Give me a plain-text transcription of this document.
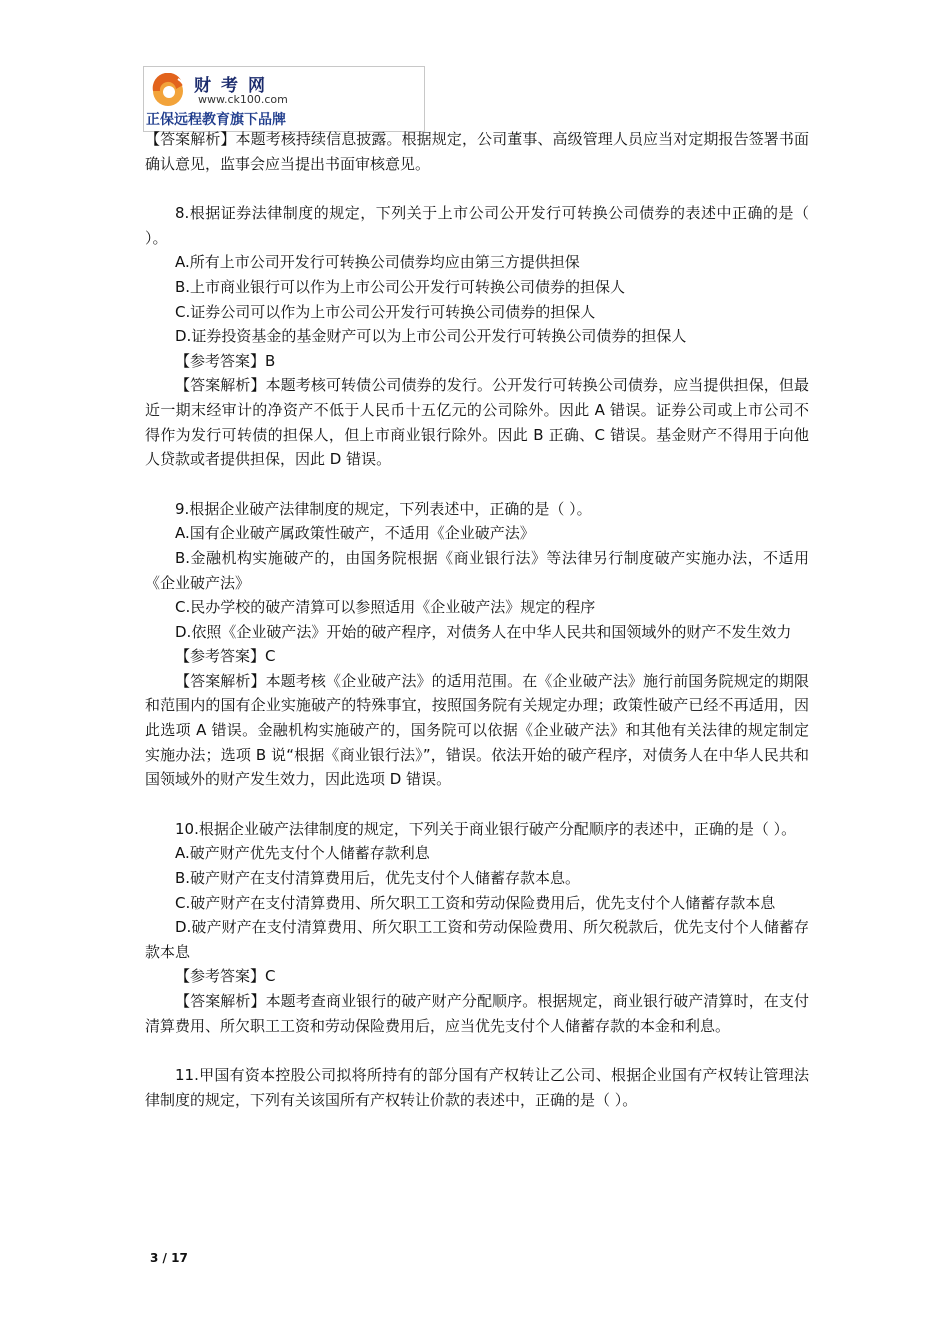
财考网
www.ck100.com
正保远程教育旗下品牌

【答案解析】本题考核持续信息披露。根据规定，公司董事、高级管理人员应当对定期报告签署书面确认意见，监事会应当提出书面审核意见。

8.根据证券法律制度的规定，下列关于上市公司公开发行可转换公司债券的表述中正确的是（ ）。

A.所有上市公司开发行可转换公司债券均应由第三方提供担保

B.上市商业银行可以作为上市公司公开发行可转换公司债券的担保人

C.证券公司可以作为上市公司公开发行可转换公司债券的担保人

D.证券投资基金的基金财产可以为上市公司公开发行可转换公司债券的担保人

【参考答案】B

【答案解析】本题考核可转债公司债券的发行。公开发行可转换公司债券，应当提供担保，但最近一期末经审计的净资产不低于人民币十五亿元的公司除外。因此 A 错误。证券公司或上市公司不得作为发行可转债的担保人，但上市商业银行除外。因此 B 正确、C 错误。基金财产不得用于向他人贷款或者提供担保，因此 D 错误。

9.根据企业破产法律制度的规定，下列表述中，正确的是（ ）。

A.国有企业破产属政策性破产，不适用《企业破产法》

B.金融机构实施破产的，由国务院根据《商业银行法》等法律另行制度破产实施办法，不适用《企业破产法》

C.民办学校的破产清算可以参照适用《企业破产法》规定的程序

D.依照《企业破产法》开始的破产程序，对债务人在中华人民共和国领域外的财产不发生效力

【参考答案】C

【答案解析】本题考核《企业破产法》的适用范围。在《企业破产法》施行前国务院规定的期限和范围内的国有企业实施破产的特殊事宜，按照国务院有关规定办理；政策性破产已经不再适用，因此选项 A 错误。金融机构实施破产的，国务院可以依据《企业破产法》和其他有关法律的规定制定实施办法；选项 B 说“根据《商业银行法》”，错误。依法开始的破产程序，对债务人在中华人民共和国领域外的财产发生效力，因此选项 D 错误。

10.根据企业破产法律制度的规定，下列关于商业银行破产分配顺序的表述中，正确的是（ ）。

A.破产财产优先支付个人储蓄存款利息

B.破产财产在支付清算费用后，优先支付个人储蓄存款本息。

C.破产财产在支付清算费用、所欠职工工资和劳动保险费用后，优先支付个人储蓄存款本息

D.破产财产在支付清算费用、所欠职工工资和劳动保险费用、所欠税款后，优先支付个人储蓄存款本息

【参考答案】C

【答案解析】本题考查商业银行的破产财产分配顺序。根据规定，商业银行破产清算时，在支付清算费用、所欠职工工资和劳动保险费用后，应当优先支付个人储蓄存款的本金和利息。

11.甲国有资本控股公司拟将所持有的部分国有产权转让乙公司、根据企业国有产权转让管理法律制度的规定，下列有关该国所有产权转让价款的表述中，正确的是（ ）。

3 / 17
